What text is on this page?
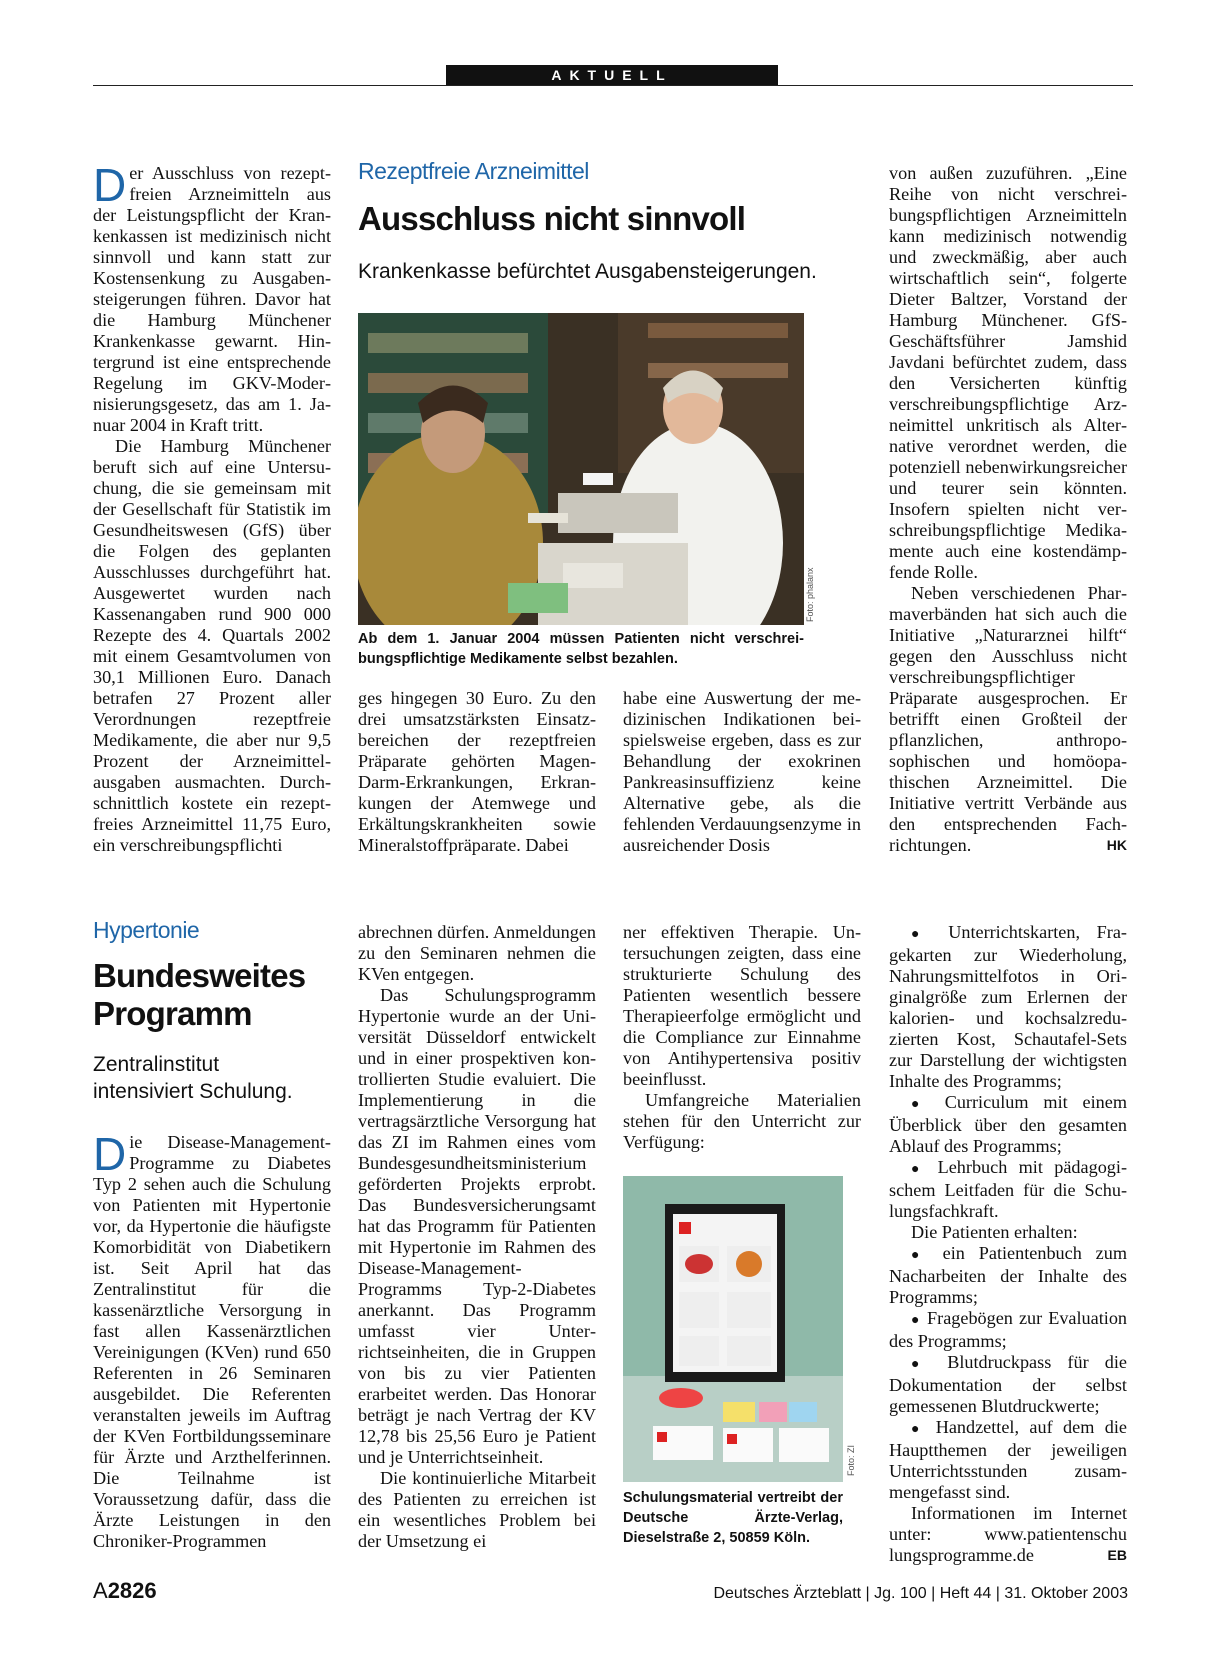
AKTUELL

Der Ausschluss von rezeptfreien Arzneimitteln aus der Leistungspflicht der Krankenkassen ist medizinisch nicht sinnvoll und kann statt zur Kostensenkung zu Ausgabensteigerungen führen. Davor hat die Hamburg Münchener Krankenkasse gewarnt. Hintergrund ist eine entsprechende Regelung im GKV-Modernisierungsgesetz, das am 1. Januar 2004 in Kraft tritt.

Die Hamburg Münchener beruft sich auf eine Untersuchung, die sie gemeinsam mit der Gesellschaft für Statistik im Gesundheitswesen (GfS) über die Folgen des geplanten Ausschlusses durchgeführt hat. Ausgewertet wurden nach Kassenangaben rund 900 000 Rezepte des 4. Quartals 2002 mit einem Gesamtvolumen von 30,1 Millionen Euro. Danach betrafen 27 Prozent aller Verordnungen rezeptfreie Medikamente, die aber nur 9,5 Prozent der Arzneimittelausgaben ausmachten. Durchschnittlich kostete ein rezeptfreies Arzneimittel 11,75 Euro, ein verschreibungspflichti

Rezeptfreie Arzneimittel
Ausschluss nicht sinnvoll
Krankenkasse befürchtet Ausgabensteigerungen.
Foto: phalanx
Ab dem 1. Januar 2004 müssen Patienten nicht verschreibungspflichtige Medikamente selbst bezahlen.

ges hingegen 30 Euro. Zu den drei umsatzstärksten Einsatzbereichen der rezeptfreien Präparate gehörten Magen-Darm-Erkrankungen, Erkrankungen der Atemwege und Erkältungskrankheiten sowie Mineralstoffpräparate. Dabei

habe eine Auswertung der medizinischen Indikationen beispielsweise ergeben, dass es zur Behandlung der exokrinen Pankreasinsuffizienz keine Alternative gebe, als die fehlenden Verdauungsenzyme in ausreichender Dosis

von außen zuzuführen. „Eine Reihe von nicht verschreibungspflichtigen Arzneimitteln kann medizinisch notwendig und zweckmäßig, aber auch wirtschaftlich sein“, folgerte Dieter Baltzer, Vorstand der Hamburg Münchener. GfS-Geschäftsführer Jamshid Javdani befürchtet zudem, dass den Versicherten künftig verschreibungspflichtige Arzneimittel unkritisch als Alternative verordnet werden, die potenziell nebenwirkungsreicher und teurer sein könnten. Insofern spielten nicht verschreibungspflichtige Medikamente auch eine kostendämpfende Rolle.

Neben verschiedenen Pharmaverbänden hat sich auch die Initiative „Naturarznei hilft“ gegen den Ausschluss nicht verschreibungspflichtiger Präparate ausgesprochen. Er betrifft einen Großteil der pflanzlichen, anthroposophischen und homöopathischen Arzneimittel. Die Initiative vertritt Verbände aus den entsprechenden Fachrichtungen.	HK

Hypertonie
Bundesweites
Programm
Zentralinstitut
intensiviert Schulung.

Die Disease-Management-Programme zu Diabetes Typ 2 sehen auch die Schulung von Patienten mit Hypertonie vor, da Hypertonie die häufigste Komorbidität von Diabetikern ist. Seit April hat das Zentralinstitut für die kassenärztliche Versorgung in fast allen Kassenärztlichen Vereinigungen (KVen) rund 650 Referenten in 26 Seminaren ausgebildet. Die Referenten veranstalten jeweils im Auftrag der KVen Fortbildungsseminare für Ärzte und Arzthelferinnen. Die Teilnahme ist Voraussetzung dafür, dass die Ärzte Leistungen in den Chroniker-Programmen

abrechnen dürfen. Anmeldungen zu den Seminaren nehmen die KVen entgegen.

Das Schulungsprogramm Hypertonie wurde an der Universität Düsseldorf entwickelt und in einer prospektiven kontrollierten Studie evaluiert. Die Implementierung in die vertragsärztliche Versorgung hat das ZI im Rahmen eines vom Bundesgesundheitsministerium geförderten Projekts erprobt. Das Bundesversicherungsamt hat das Programm für Patienten mit Hypertonie im Rahmen des Disease-Management-Programms Typ-2-Diabetes anerkannt. Das Programm umfasst vier Unterrichtseinheiten, die in Gruppen von bis zu vier Patienten erarbeitet werden. Das Honorar beträgt je nach Vertrag der KV 12,78 bis 25,56 Euro je Patient und je Unterrichtseinheit.

Die kontinuierliche Mitarbeit des Patienten zu erreichen ist ein wesentliches Problem bei der Umsetzung ei

ner effektiven Therapie. Untersuchungen zeigten, dass eine strukturierte Schulung des Patienten wesentlich bessere Therapieerfolge ermöglicht und die Compliance zur Einnahme von Antihypertensiva positiv beeinflusst.

Umfangreiche Materialien stehen für den Unterricht zur Verfügung:

Foto: ZI
Schulungsmaterial vertreibt der Deutsche Ärzte-Verlag, Dieselstraße 2, 50859 Köln.

● Unterrichtskarten, Fragekarten zur Wiederholung, Nahrungsmittelfotos in Originalgröße zum Erlernen der kalorien- und kochsalzreduzierten Kost, Schautafel-Sets zur Darstellung der wichtigsten Inhalte des Programms;

● Curriculum mit einem Überblick über den gesamten Ablauf des Programms;

● Lehrbuch mit pädagogischem Leitfaden für die Schulungsfachkraft.

Die Patienten erhalten:

● ein Patientenbuch zum Nacharbeiten der Inhalte des Programms;

● Fragebögen zur Evaluation des Programms;

● Blutdruckpass für die Dokumentation der selbst gemessenen Blutdruckwerte;

● Handzettel, auf dem die Hauptthemen der jeweiligen Unterrichtsstunden zusammengefasst sind.

Informationen im Internet unter: www.patientenschu lungsprogramme.de	EB

A2826	Deutsches Ärzteblatt | Jg. 100 | Heft 44 | 31. Oktober 2003
